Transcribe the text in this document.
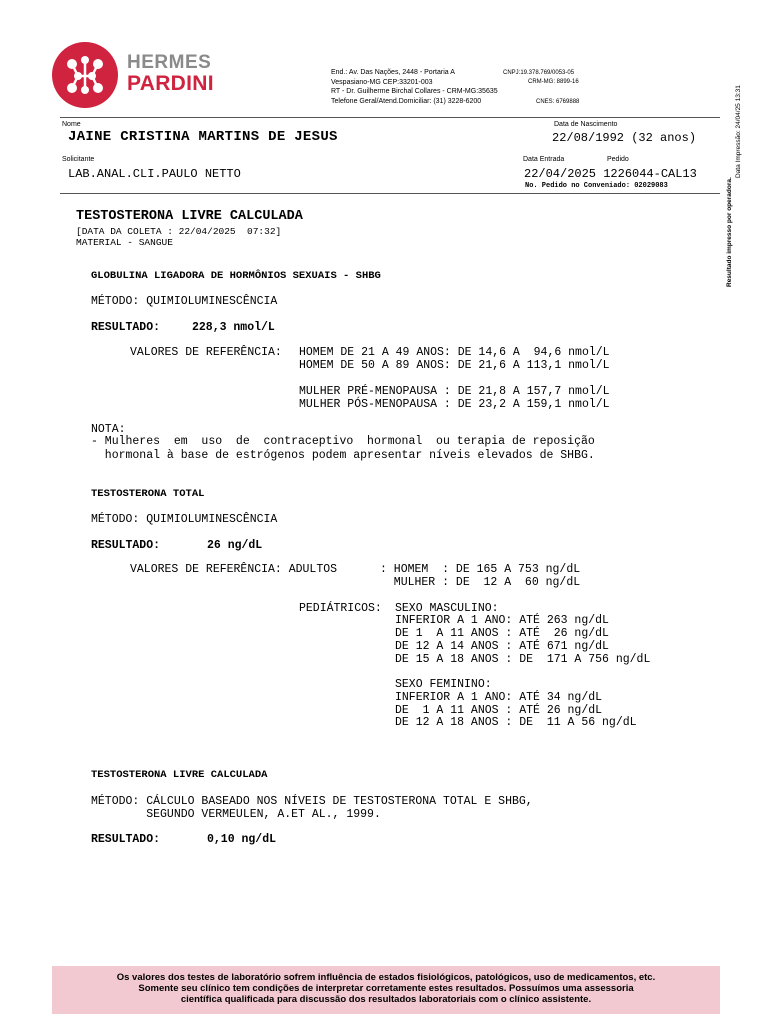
HERMES
PARDINI	End.: Av. Das Nações, 2448 - Portaria A
Vespasiano-MG CEP:33201-003
RT - Dr. Guilherme Birchal Collares - CRM-MG:35635
Telefone Geral/Atend.Domiciliar: (31) 3228-6200
CNPJ:19.378.769/0053-05
CRM-MG: 8899-16
CNES: 6769888
Resultado impresso por operadora.
Data Impressão: 24/04/25 13:31
Nome
JAINE CRISTINA MARTINS DE JESUS
Data de Nascimento
22/08/1992 (32 anos)
Solicitante
LAB.ANAL.CLI.PAULO NETTO
Data Entrada	Pedido
22/04/2025 1226044-CAL13
No. Pedido no Conveniado: 02029083
TESTOSTERONA LIVRE CALCULADA
[DATA DA COLETA : 22/04/2025  07:32]
MATERIAL - SANGUE
GLOBULINA LIGADORA DE HORMÔNIOS SEXUAIS - SHBG
MÉTODO: QUIMIOLUMINESCÊNCIA
RESULTADO:	228,3 nmol/L
VALORES DE REFERÊNCIA: HOMEM DE 21 A 49 ANOS: DE 14,6 A  94,6 nmol/L
HOMEM DE 50 A 89 ANOS: DE 21,6 A 113,1 nmol/L
MULHER PRÉ-MENOPAUSA : DE 21,8 A 157,7 nmol/L
MULHER PÓS-MENOPAUSA : DE 23,2 A 159,1 nmol/L
NOTA:
- Mulheres  em  uso  de  contraceptivo  hormonal  ou terapia de reposição
hormonal à base de estrógenos podem apresentar níveis elevados de SHBG.
TESTOSTERONA TOTAL
MÉTODO: QUIMIOLUMINESCÊNCIA
RESULTADO:	26 ng/dL
VALORES DE REFERÊNCIA: ADULTOS	: HOMEM  : DE 165 A 753 ng/dL
MULHER : DE  12 A  60 ng/dL
PEDIÁTRICOS: SEXO MASCULINO:
INFERIOR A 1 ANO: ATÉ 263 ng/dL
DE 1  A 11 ANOS : ATÉ  26 ng/dL
DE 12 A 14 ANOS : ATÉ 671 ng/dL
DE 15 A 18 ANOS : DE  171 A 756 ng/dL
SEXO FEMININO:
INFERIOR A 1 ANO: ATÉ 34 ng/dL
DE  1 A 11 ANOS : ATÉ 26 ng/dL
DE 12 A 18 ANOS : DE  11 A 56 ng/dL
TESTOSTERONA LIVRE CALCULADA
MÉTODO: CÁLCULO BASEADO NOS NÍVEIS DE TESTOSTERONA TOTAL E SHBG,
SEGUNDO VERMEULEN, A.ET AL., 1999.
RESULTADO:	0,10 ng/dL
Os valores dos testes de laboratório sofrem influência de estados fisiológicos, patológicos, uso de medicamentos, etc.
Somente seu clínico tem condições de interpretar corretamente estes resultados. Possuímos uma assessoria
científica qualificada para discussão dos resultados laboratoriais com o clínico assistente.
